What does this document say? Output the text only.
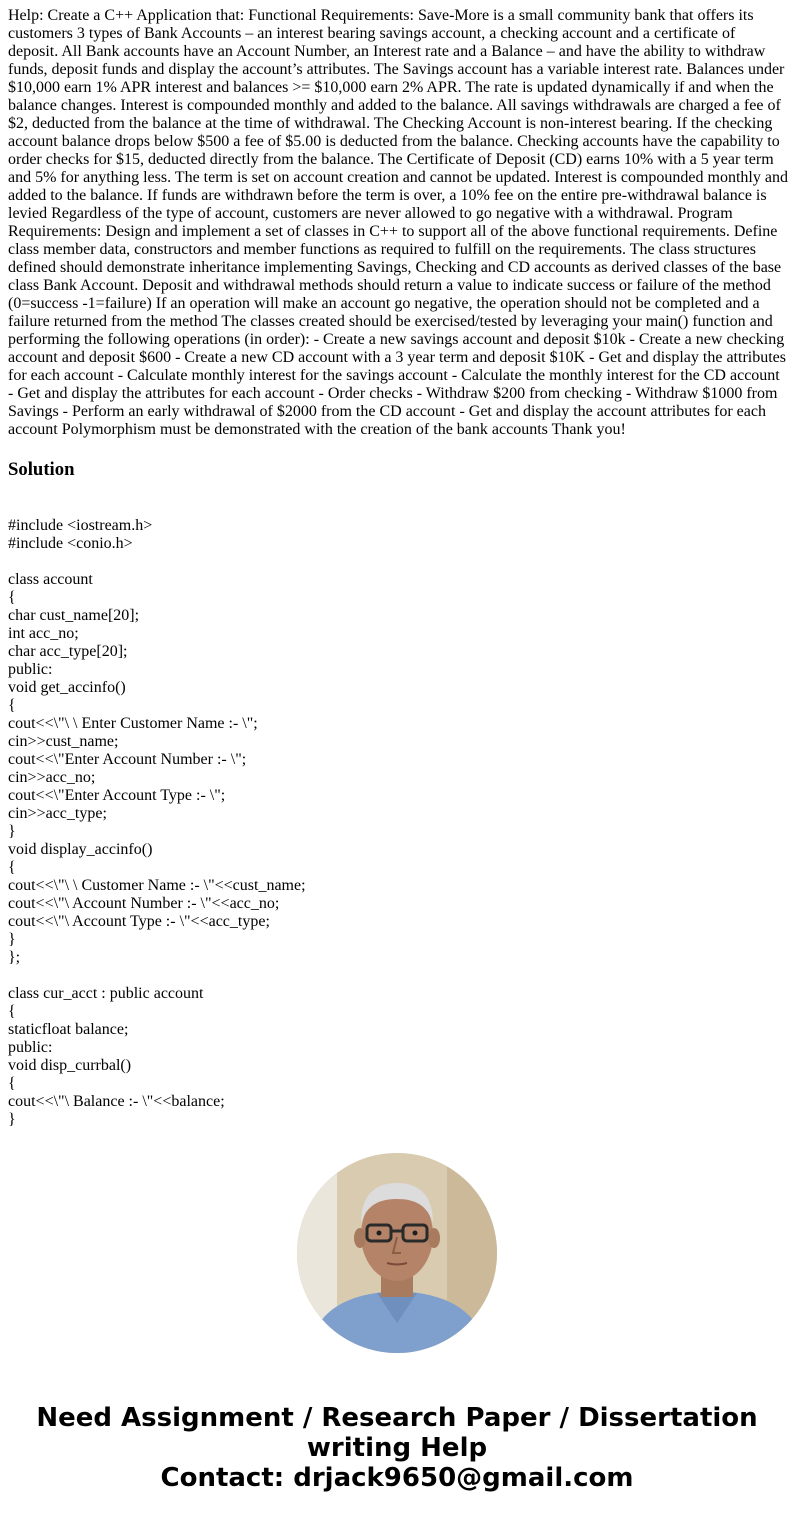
Help: Create a C++ Application that: Functional Requirements: Save-More is a small community bank that offers its customers 3 types of Bank Accounts – an interest bearing savings account, a checking account and a certificate of deposit. All Bank accounts have an Account Number, an Interest rate and a Balance – and have the ability to withdraw funds, deposit funds and display the account’s attributes. The Savings account has a variable interest rate. Balances under $10,000 earn 1% APR interest and balances >= $10,000 earn 2% APR. The rate is updated dynamically if and when the balance changes. Interest is compounded monthly and added to the balance. All savings withdrawals are charged a fee of $2, deducted from the balance at the time of withdrawal. The Checking Account is non-interest bearing. If the checking account balance drops below $500 a fee of $5.00 is deducted from the balance. Checking accounts have the capability to order checks for $15, deducted directly from the balance. The Certificate of Deposit (CD) earns 10% with a 5 year term and 5% for anything less. The term is set on account creation and cannot be updated. Interest is compounded monthly and added to the balance. If funds are withdrawn before the term is over, a 10% fee on the entire pre-withdrawal balance is levied Regardless of the type of account, customers are never allowed to go negative with a withdrawal. Program Requirements: Design and implement a set of classes in C++ to support all of the above functional requirements. Define class member data, constructors and member functions as required to fulfill on the requirements. The class structures defined should demonstrate inheritance implementing Savings, Checking and CD accounts as derived classes of the base class Bank Account. Deposit and withdrawal methods should return a value to indicate success or failure of the method (0=success -1=failure) If an operation will make an account go negative, the operation should not be completed and a failure returned from the method The classes created should be exercised/tested by leveraging your main() function and performing the following operations (in order): - Create a new savings account and deposit $10k - Create a new checking account and deposit $600 - Create a new CD account with a 3 year term and deposit $10K - Get and display the attributes for each account - Calculate monthly interest for the savings account - Calculate the monthly interest for the CD account - Get and display the attributes for each account - Order checks - Withdraw $200 from checking - Withdraw $1000 from Savings - Perform an early withdrawal of $2000 from the CD account - Get and display the account attributes for each account Polymorphism must be demonstrated with the creation of the bank accounts Thank you!

Solution
#include <iostream.h>
#include <conio.h>
class account
{
char cust_name[20];
int acc_no;
char acc_type[20];
public:
void get_accinfo()
{
cout<<\"\ \ Enter Customer Name :- \";
cin>>cust_name;
cout<<\"Enter Account Number :- \";
cin>>acc_no;
cout<<\"Enter Account Type :- \";
cin>>acc_type;
}
void display_accinfo()
{
cout<<\"\ \ Customer Name :- \"<<cust_name;
cout<<\"\ Account Number :- \"<<acc_no;
cout<<\"\ Account Type :- \"<<acc_type;
}
};
class cur_acct : public account
{
staticfloat balance;
public:
void disp_currbal()
{
cout<<\"\ Balance :- \"<<balance;
}
Need Assignment / Research Paper / Dissertation
writing Help
Contact: drjack9650@gmail.com
